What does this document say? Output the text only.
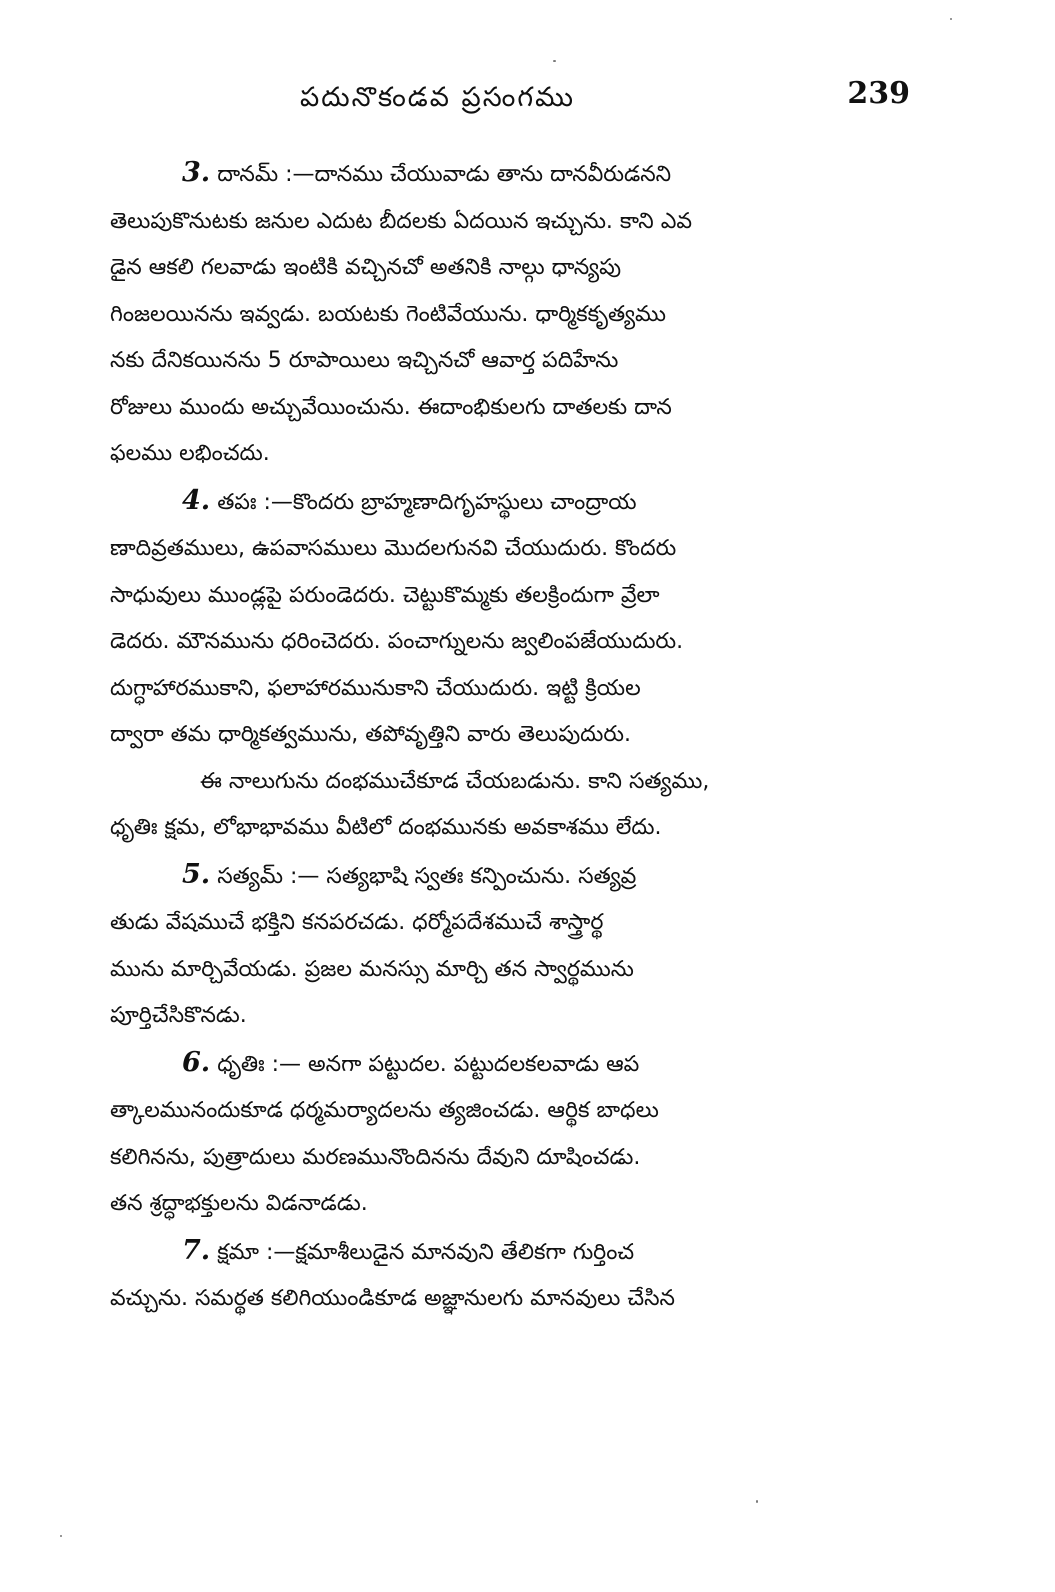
పదునొకండవ ప్రసంగము	239

3. దానమ్ :—దానము చేయువాడు తాను దానవీరుడనని

తెలుపుకొనుటకు జనుల ఎదుట బీదలకు ఏదయిన ఇచ్చును. కాని ఎవ
డైన ఆకలి గలవాడు ఇంటికి వచ్చినచో అతనికి నాల్గు ధాన్యపు
గింజలయినను ఇవ్వడు. బయటకు గెంటివేయును. ధార్మికకృత్యము
నకు దేనికయినను 5 రూపాయిలు ఇచ్చినచో ఆవార్త పదిహేను
రోజులు ముందు అచ్చువేయించును. ఈదాంభికులగు దాతలకు దాన
ఫలము లభించదు.

4. తపః :—కొందరు బ్రాహ్మణాదిగృహస్థులు చాంద్రాయ

ణాదివ్రతములు, ఉపవాసములు మొదలగునవి చేయుదురు. కొందరు
సాధువులు ముండ్లపై పరుండెదరు. చెట్టుకొమ్మకు తలక్రిందుగా వ్రేలా
డెదరు. మౌనమును ధరించెదరు. పంచాగ్నులను జ్వలింపజేయుదురు.
దుగ్ధాహారముకాని, ఫలాహారమునుకాని చేయుదురు. ఇట్టి క్రియల
ద్వారా తమ ధార్మికత్వమును, తపోవృత్తిని వారు తెలుపుదురు.

ఈ నాలుగును దంభముచేకూడ చేయబడును. కాని సత్యము,

ధృతిః క్షమ, లోభాభావము వీటిలో దంభమునకు అవకాశము లేదు.

5. సత్యమ్ :— సత్యభాషి స్వతః కన్పించును. సత్యవ్ర

తుడు వేషముచే భక్తిని కనపరచడు. ధర్మోపదేశముచే శాస్త్రార్థ
మును మార్చివేయడు. ప్రజల మనస్సు మార్చి తన స్వార్థమును
పూర్తిచేసికొనడు.

6. ధృతిః :— అనగా పట్టుదల. పట్టుదలకలవాడు ఆప

త్కాలమునందుకూడ ధర్మమర్యాదలను త్యజించడు. ఆర్థిక బాధలు
కలిగినను, పుత్రాదులు మరణమునొందినను దేవుని దూషించడు.
తన శ్రద్ధాభక్తులను విడనాడడు.

7. క్షమా :—క్షమాశీలుడైన మానవుని తేలికగా గుర్తించ

వచ్చును. సమర్థత కలిగియుండికూడ అజ్ఞానులగు మానవులు చేసిన
